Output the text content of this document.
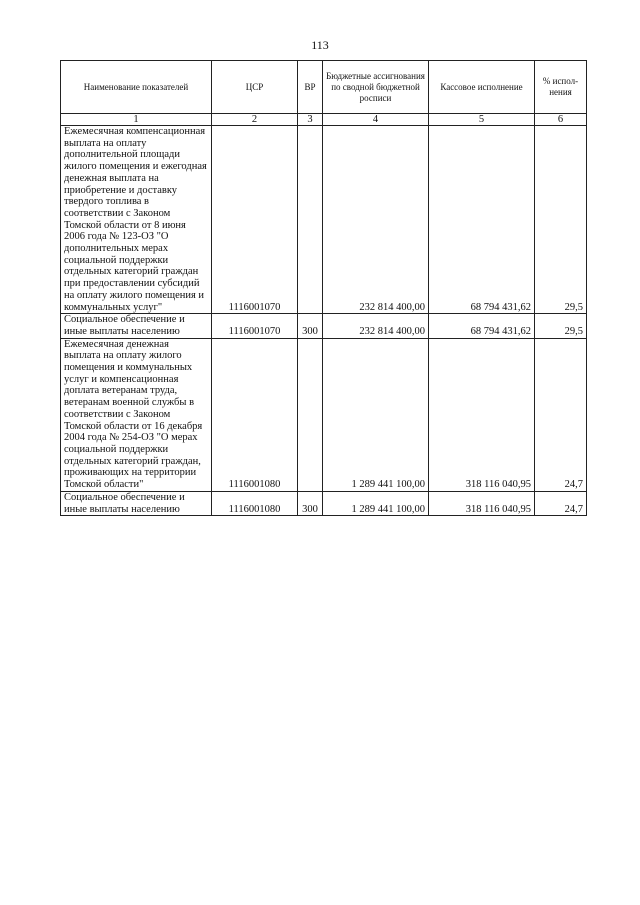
113
Наименование показателей	ЦСР	ВР	Бюджетные ассигнования по сводной бюджетной росписи	Кассовое исполнение	% испол-нения
1	2	3	4	5	6
Ежемесячная компенсационная выплата на оплату дополнительной площади жилого помещения и ежегодная денежная выплата на приобретение и доставку твердого топлива в соответствии с Законом Томской области от 8 июня 2006 года № 123-ОЗ "О дополнительных мерах социальной поддержки отдельных категорий граждан при предоставлении субсидий на оплату жилого помещения и коммунальных услуг"	1116001070		232 814 400,00	68 794 431,62	29,5
Социальное обеспечение и иные выплаты населению	1116001070	300	232 814 400,00	68 794 431,62	29,5
Ежемесячная денежная выплата на оплату жилого помещения и коммунальных услуг и компенсационная доплата ветеранам труда, ветеранам военной службы в соответствии с Законом Томской области от 16 декабря 2004 года № 254-ОЗ "О мерах социальной поддержки отдельных категорий граждан, проживающих на территории Томской области"	1116001080		1 289 441 100,00	318 116 040,95	24,7
Социальное обеспечение и иные выплаты населению	1116001080	300	1 289 441 100,00	318 116 040,95	24,7
